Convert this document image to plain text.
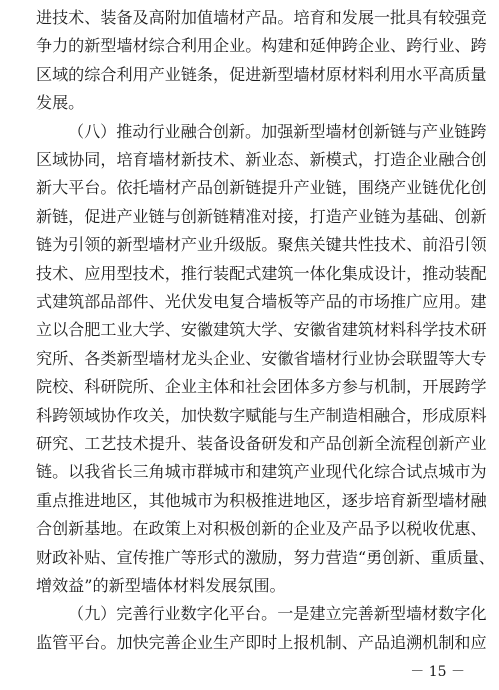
进技术、装备及高附加值墙材产品。培育和发展一批具有较强竞
争力的新型墙材综合利用企业。构建和延伸跨企业、跨行业、跨
区域的综合利用产业链条，促进新型墙材原材料利用水平高质量
发展。
（八）推动行业融合创新。加强新型墙材创新链与产业链跨
区域协同，培育墙材新技术、新业态、新模式，打造企业融合创
新大平台。依托墙材产品创新链提升产业链，围绕产业链优化创
新链，促进产业链与创新链精准对接，打造产业链为基础、创新
链为引领的新型墙材产业升级版。聚焦关键共性技术、前沿引领
技术、应用型技术，推行装配式建筑一体化集成设计，推动装配
式建筑部品部件、光伏发电复合墙板等产品的市场推广应用。建
立以合肥工业大学、安徽建筑大学、安徽省建筑材料科学技术研
究所、各类新型墙材龙头企业、安徽省墙材行业协会联盟等大专
院校、科研院所、企业主体和社会团体多方参与机制，开展跨学
科跨领域协作攻关，加快数字赋能与生产制造相融合，形成原料
研究、工艺技术提升、装备设备研发和产品创新全流程创新产业
链。以我省长三角城市群城市和建筑产业现代化综合试点城市为
重点推进地区，其他城市为积极推进地区，逐步培育新型墙材融
合创新基地。在政策上对积极创新的企业及产品予以税收优惠、
财政补贴、宣传推广等形式的激励，努力营造“勇创新、重质量、
增效益”的新型墙体材料发展氛围。
（九）完善行业数字化平台。一是建立完善新型墙材数字化
监管平台。加快完善企业生产即时上报机制、产品追溯机制和应
－ 15 －
